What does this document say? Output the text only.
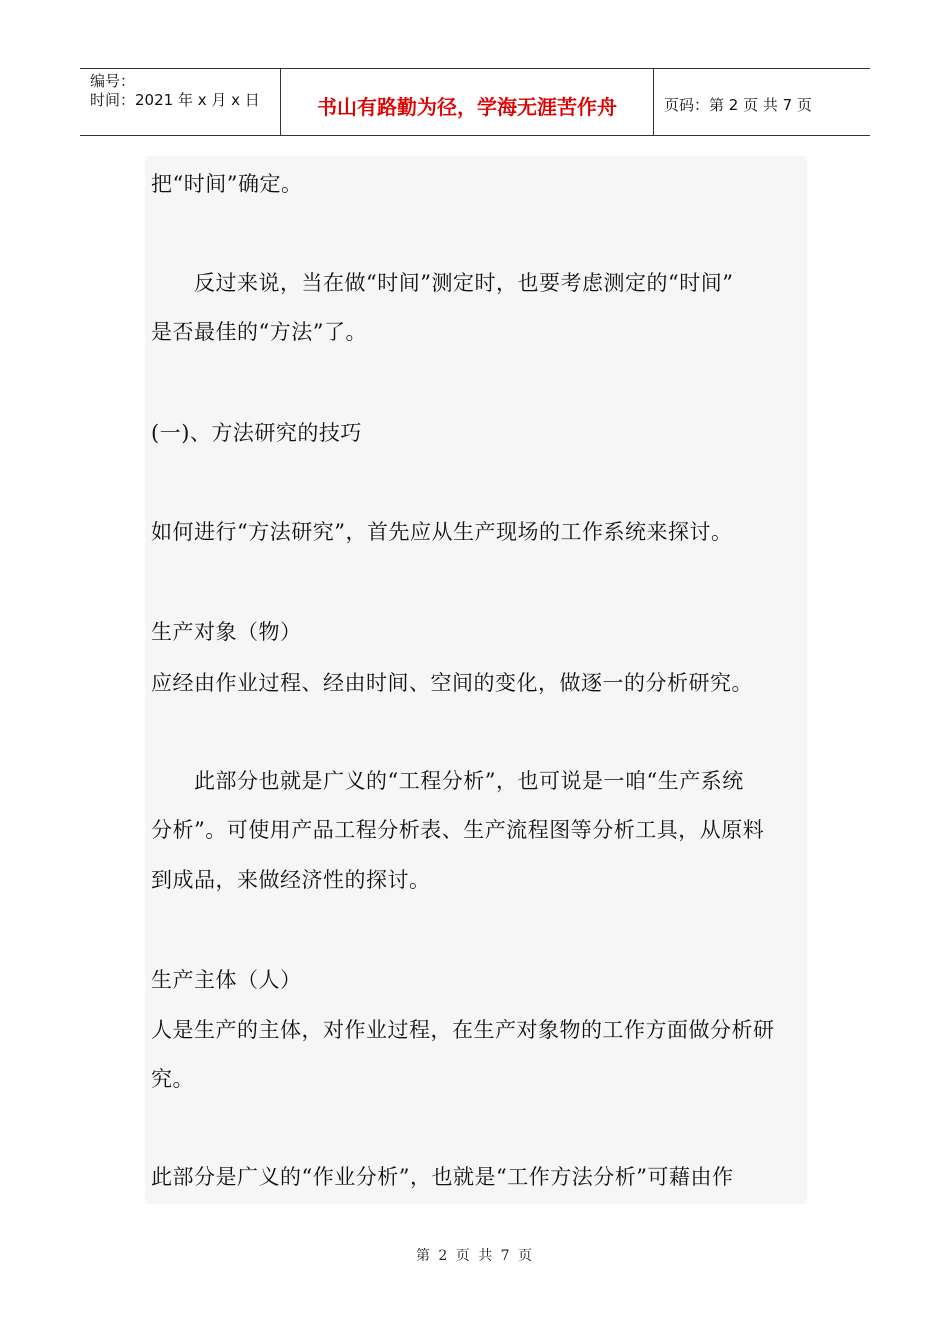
编号：
时间：2021 年 x 月 x 日	书山有路勤为径，学海无涯苦作舟	页码：第 2 页 共 7 页

把“时间”确定。

　　反过来说，当在做“时间”测定时，也要考虑测定的“时间”

是否最佳的“方法”了。

(一)、方法研究的技巧

如何进行“方法研究”，首先应从生产现场的工作系统来探讨。

生产对象（物）

应经由作业过程、经由时间、空间的变化，做逐一的分析研究。

　　此部分也就是广义的“工程分析”，也可说是一咱“生产系统

分析”。可使用产品工程分析表、生产流程图等分析工具，从原料

到成品，来做经济性的探讨。

生产主体（人）

人是生产的主体，对作业过程，在生产对象物的工作方面做分析研

究。

此部分是广义的“作业分析”，也就是“工作方法分析”可藉由作

第 2 页 共 7 页
